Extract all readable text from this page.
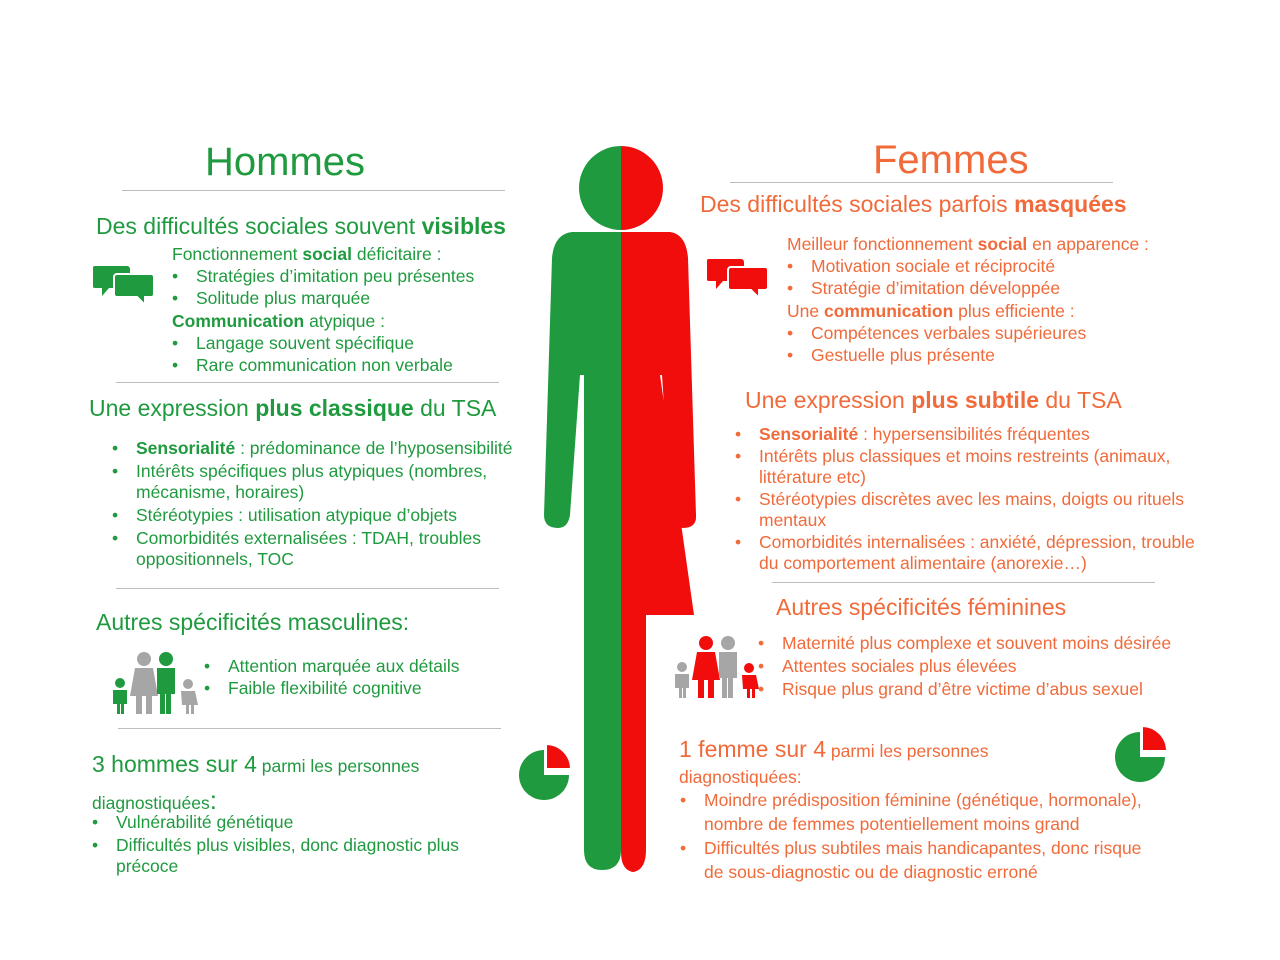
Hommes
Des difficultés sociales souvent visibles
Fonctionnement social déficitaire :
• Stratégies d’imitation peu présentes
• Solitude plus marquée
Communication atypique :
• Langage souvent spécifique
• Rare communication non verbale
Une expression plus classique du TSA
• Sensorialité : prédominance de l’hyposensibilité
• Intérêts spécifiques plus atypiques (nombres, mécanisme, horaires)
• Stéréotypies : utilisation atypique d’objets
• Comorbidités externalisées : TDAH, troubles oppositionnels, TOC
Autres spécificités masculines:
• Attention marquée aux détails
• Faible flexibilité cognitive
3 hommes sur 4 parmi les personnes diagnostiquées:
• Vulnérabilité génétique
• Difficultés plus visibles, donc diagnostic plus précoce
Femmes
Des difficultés sociales parfois masquées
Meilleur fonctionnement social en apparence :
• Motivation sociale et réciprocité
• Stratégie d’imitation développée
Une communication plus efficiente :
• Compétences verbales supérieures
• Gestuelle plus présente
Une expression plus subtile du TSA
• Sensorialité : hypersensibilités fréquentes
• Intérêts plus classiques et moins restreints (animaux, littérature etc)
• Stéréotypies discrètes avec les mains, doigts ou rituels mentaux
• Comorbidités internalisées : anxiété, dépression, trouble du comportement alimentaire (anorexie…)
Autres spécificités féminines
• Maternité plus complexe et souvent moins désirée
• Attentes sociales plus élevées
• Risque plus grand d’être victime d’abus sexuel
1 femme sur 4 parmi les personnes diagnostiquées:
• Moindre prédisposition féminine (génétique, hormonale), nombre de femmes potentiellement moins grand
• Difficultés plus subtiles mais handicapantes, donc risque de sous-diagnostic ou de diagnostic erroné
